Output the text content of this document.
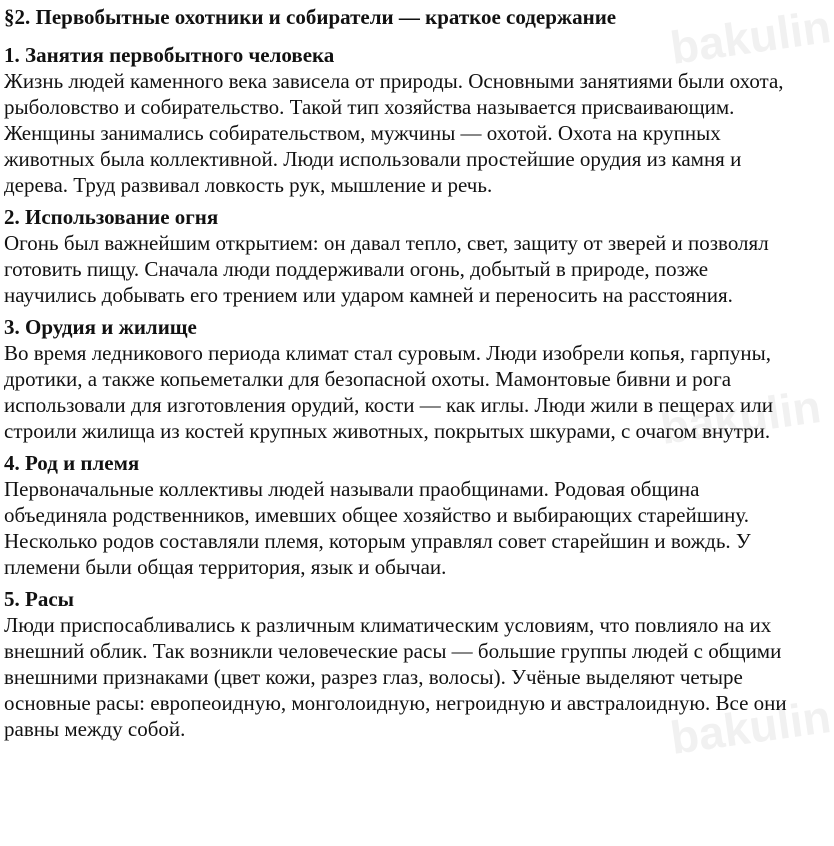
bakulin
bakulin
bakulin
§2. Первобытные охотники и собиратели — краткое содержание
1. Занятия первобытного человека

Жизнь людей каменного века зависела от природы. Основными занятиями были охота, рыболовство и собирательство. Такой тип хозяйства называется присваивающим. Женщины занимались собирательством, мужчины — охотой. Охота на крупных животных была коллективной. Люди использовали простейшие орудия из камня и дерева. Труд развивал ловкость рук, мышление и речь.

2. Использование огня

Огонь был важнейшим открытием: он давал тепло, свет, защиту от зверей и позволял готовить пищу. Сначала люди поддерживали огонь, добытый в природе, позже научились добывать его трением или ударом камней и переносить на расстояния.

3. Орудия и жилище

Во время ледникового периода климат стал суровым. Люди изобрели копья, гарпуны, дротики, а также копьеметалки для безопасной охоты. Мамонтовые бивни и рога использовали для изготовления орудий, кости — как иглы. Люди жили в пещерах или строили жилища из костей крупных животных, покрытых шкурами, с очагом внутри.

4. Род и племя

Первоначальные коллективы людей называли праобщинами. Родовая община объединяла родственников, имевших общее хозяйство и выбирающих старейшину. Несколько родов составляли племя, которым управлял совет старейшин и вождь. У племени были общая территория, язык и обычаи.

5. Расы

Люди приспосабливались к различным климатическим условиям, что повлияло на их внешний облик. Так возникли человеческие расы — большие группы людей с общими внешними признаками (цвет кожи, разрез глаз, волосы). Учёные выделяют четыре основные расы: европеоидную, монголоидную, негроидную и австралоидную. Все они равны между собой.
